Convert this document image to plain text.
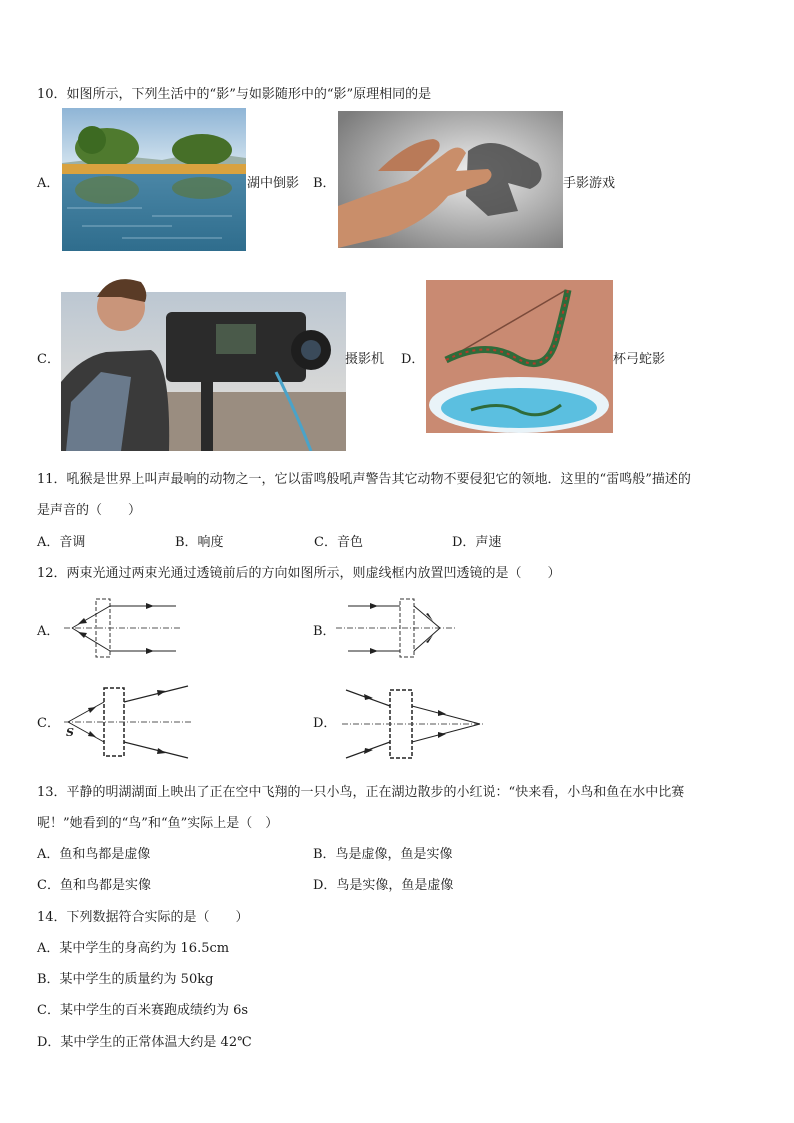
10．如图所示，下列生活中的“影”与如影随形中的“影”原理相同的是
A．	湖中倒影 B．	手影游戏
C．	摄影机 D．	杯弓蛇影
11．吼猴是世界上叫声最响的动物之一，它以雷鸣般吼声警告其它动物不要侵犯它的领地．这里的“雷鸣般”描述的
是声音的（　　）
A．音调	B．响度	C．音色	D．声速
12．两束光通过两束光通过透镜前后的方向如图所示，则虚线框内放置凹透镜的是（　　）
A．	B．
C．
S
D．
13．平静的明湖湖面上映出了正在空中飞翔的一只小鸟，正在湖边散步的小红说：“快来看，小鸟和鱼在水中比赛
呢！”她看到的“鸟”和“鱼”实际上是（　）
A．鱼和鸟都是虚像	B．鸟是虚像，鱼是实像
C．鱼和鸟都是实像	D．鸟是实像，鱼是虚像
14．下列数据符合实际的是（　　）
A．某中学生的身高约为 16.5cm
B．某中学生的质量约为 50kg
C．某中学生的百米赛跑成绩约为 6s
D．某中学生的正常体温大约是 42℃
